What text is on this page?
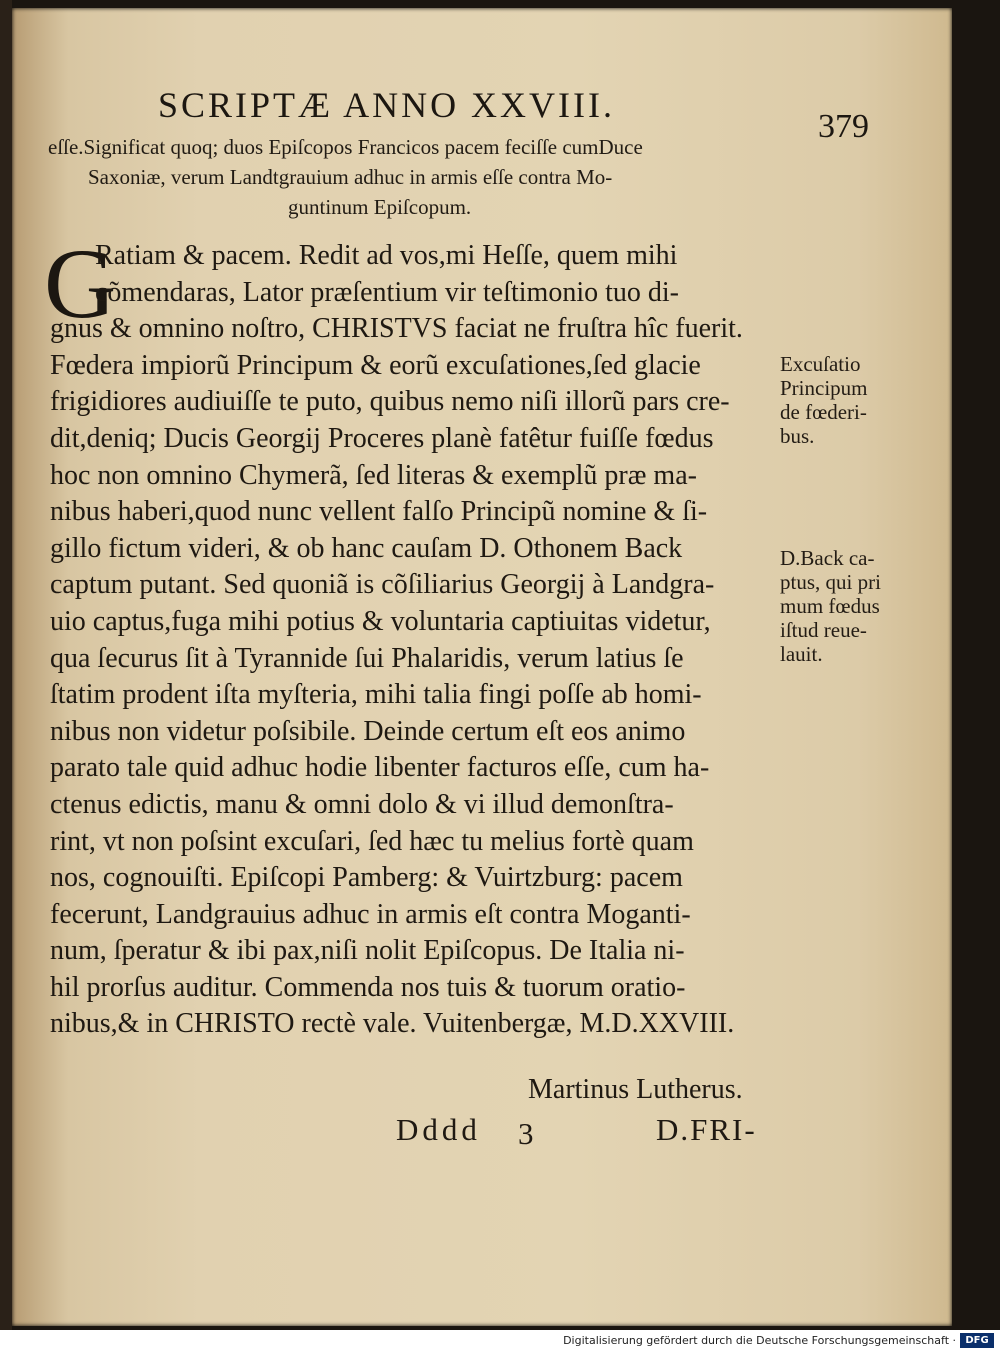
SCRIPTÆ ANNO XXVIII.
379
eſſe.Significat quoq; duos Epiſcopos Francicos pacem feciſſe cumDuce
Saxoniæ, verum Landtgrauium adhuc in armis eſſe contra Mo-
guntinum Epiſcopum.
G
Ratiam & pacem. Redit ad vos,mi Heſſe, quem mihi
cõmendaras, Lator præſentium vir teſtimonio tuo di-
gnus & omnino noſtro, CHRISTVS faciat ne fruſtra hîc fuerit.
Fœdera impiorũ Principum & eorũ excuſationes,ſed glacie
frigidiores audiuiſſe te puto, quibus nemo niſi illorũ pars cre-
dit,deniq; Ducis Georgij Proceres planè fatêtur fuiſſe fœdus
hoc non omnino Chymerã, ſed literas & exemplũ præ ma-
nibus haberi,quod nunc vellent falſo Principũ nomine & ſi-
gillo fictum videri, & ob hanc cauſam D. Othonem Back
captum putant. Sed quoniã is cõſiliarius Georgij à Landgra-
uio captus,fuga mihi potius & voluntaria captiuitas videtur,
qua ſecurus ſit à Tyrannide ſui Phalaridis, verum latius ſe
ſtatim prodent iſta myſteria, mihi talia fingi poſſe ab homi-
nibus non videtur poſsibile. Deinde certum eſt eos animo
parato tale quid adhuc hodie libenter facturos eſſe, cum ha-
ctenus edictis, manu & omni dolo & vi illud demonſtra-
rint, vt non poſsint excuſari, ſed hæc tu melius fortè quam
nos, cognouiſti. Epiſcopi Pamberg: & Vuirtzburg: pacem
fecerunt, Landgrauius adhuc in armis eſt contra Moganti-
num, ſperatur & ibi pax,niſi nolit Epiſcopus. De Italia ni-
hil prorſus auditur. Commenda nos tuis & tuorum oratio-
nibus,& in CHRISTO rectè vale. Vuitenbergæ, M.D.XXVIII.
Excuſatio
Principum
de fœderi-
bus.
D.Back ca-
ptus, qui pri
mum fœdus
iſtud reue-
lauit.
Martinus Lutherus.
Dddd 3	D.FRI-
Digitalisierung gefördert durch die Deutsche Forschungsgemeinschaft · DFG
